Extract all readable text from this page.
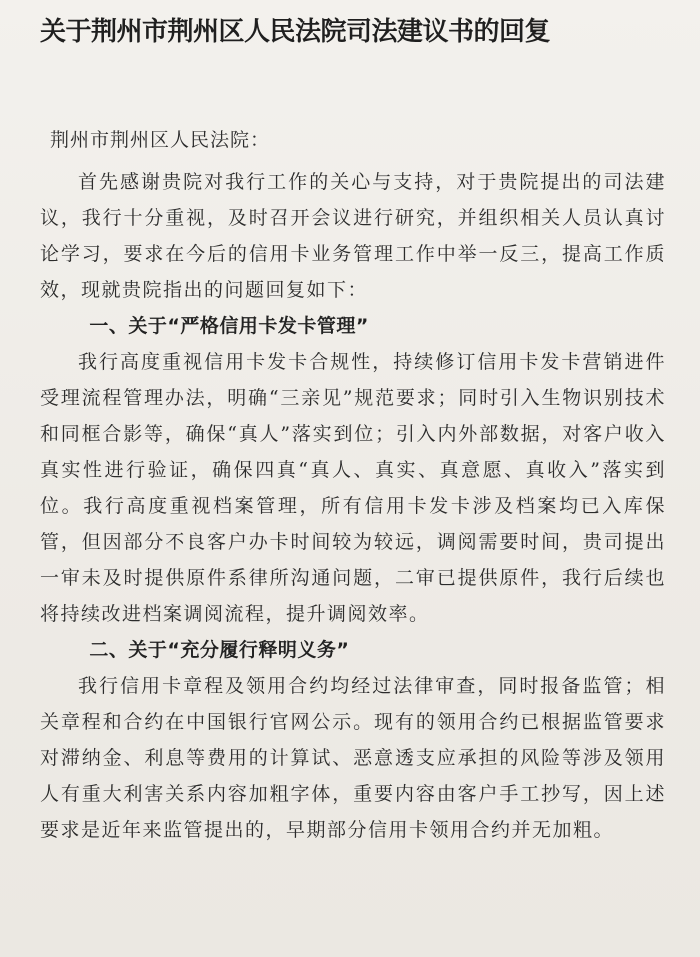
关于荆州市荆州区人民法院司法建议书的回复

荆州市荆州区人民法院：

首先感谢贵院对我行工作的关心与支持，对于贵院提出的司法建议，我行十分重视，及时召开会议进行研究，并组织相关人员认真讨论学习，要求在今后的信用卡业务管理工作中举一反三，提高工作质效，现就贵院指出的问题回复如下：

一、关于“严格信用卡发卡管理”

我行高度重视信用卡发卡合规性，持续修订信用卡发卡营销进件受理流程管理办法，明确“三亲见”规范要求；同时引入生物识别技术和同框合影等，确保“真人”落实到位；引入内外部数据，对客户收入真实性进行验证，确保四真“真人、真实、真意愿、真收入”落实到位。我行高度重视档案管理，所有信用卡发卡涉及档案均已入库保管，但因部分不良客户办卡时间较为较远，调阅需要时间，贵司提出一审未及时提供原件系律所沟通问题，二审已提供原件，我行后续也将持续改进档案调阅流程，提升调阅效率。

二、关于“充分履行释明义务”

我行信用卡章程及领用合约均经过法律审查，同时报备监管；相关章程和合约在中国银行官网公示。现有的领用合约已根据监管要求对滞纳金、利息等费用的计算试、恶意透支应承担的风险等涉及领用人有重大利害关系内容加粗字体，重要内容由客户手工抄写，因上述要求是近年来监管提出的，早期部分信用卡领用合约并无加粗。
